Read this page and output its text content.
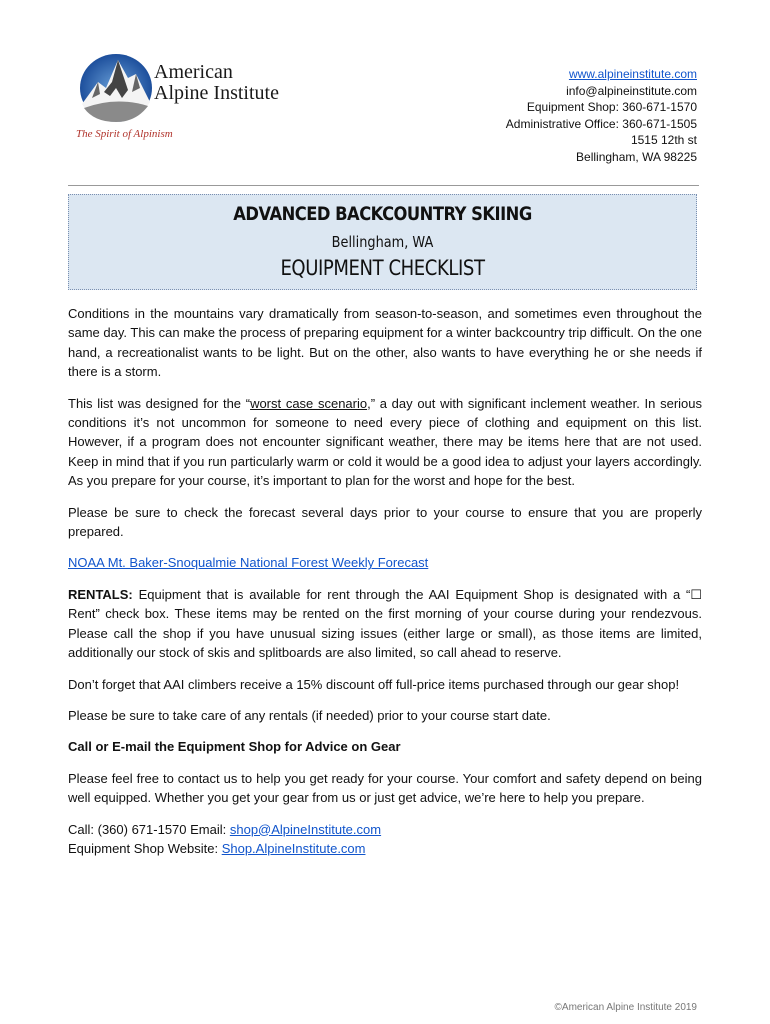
American
Alpine Institute
The Spirit of Alpinism
www.alpineinstitute.com
info@alpineinstitute.com
Equipment Shop: 360-671-1570
Administrative Office: 360-671-1505
1515 12th st
Bellingham, WA 98225
ADVANCED BACKCOUNTRY SKIING
Bellingham, WA
EQUIPMENT CHECKLIST

Conditions in the mountains vary dramatically from season-to-season, and sometimes even throughout the same day. This can make the process of preparing equipment for a winter backcountry trip difficult. On the one hand, a recreationalist wants to be light. But on the other, also wants to have everything he or she needs if there is a storm.

This list was designed for the “worst case scenario,” a day out with significant inclement weather. In serious conditions it’s not uncommon for someone to need every piece of clothing and equipment on this list. However, if a program does not encounter significant weather, there may be items here that are not used. Keep in mind that if you run particularly warm or cold it would be a good idea to adjust your layers accordingly. As you prepare for your course, it’s important to plan for the worst and hope for the best.

Please be sure to check the forecast several days prior to your course to ensure that you are properly prepared.

NOAA Mt. Baker-Snoqualmie National Forest Weekly Forecast

RENTALS: Equipment that is available for rent through the AAI Equipment Shop is designated with a “☐ Rent” check box. These items may be rented on the first morning of your course during your rendezvous. Please call the shop if you have unusual sizing issues (either large or small), as those items are limited, additionally our stock of skis and splitboards are also limited, so call ahead to reserve.

Don’t forget that AAI climbers receive a 15% discount off full-price items purchased through our gear shop!

Please be sure to take care of any rentals (if needed) prior to your course start date.

Call or E-mail the Equipment Shop for Advice on Gear

Please feel free to contact us to help you get ready for your course. Your comfort and safety depend on being well equipped. Whether you get your gear from us or just get advice, we’re here to help you prepare.

Call: (360) 671-1570 Email: shop@AlpineInstitute.com
Equipment Shop Website: Shop.AlpineInstitute.com

©American Alpine Institute 2019
